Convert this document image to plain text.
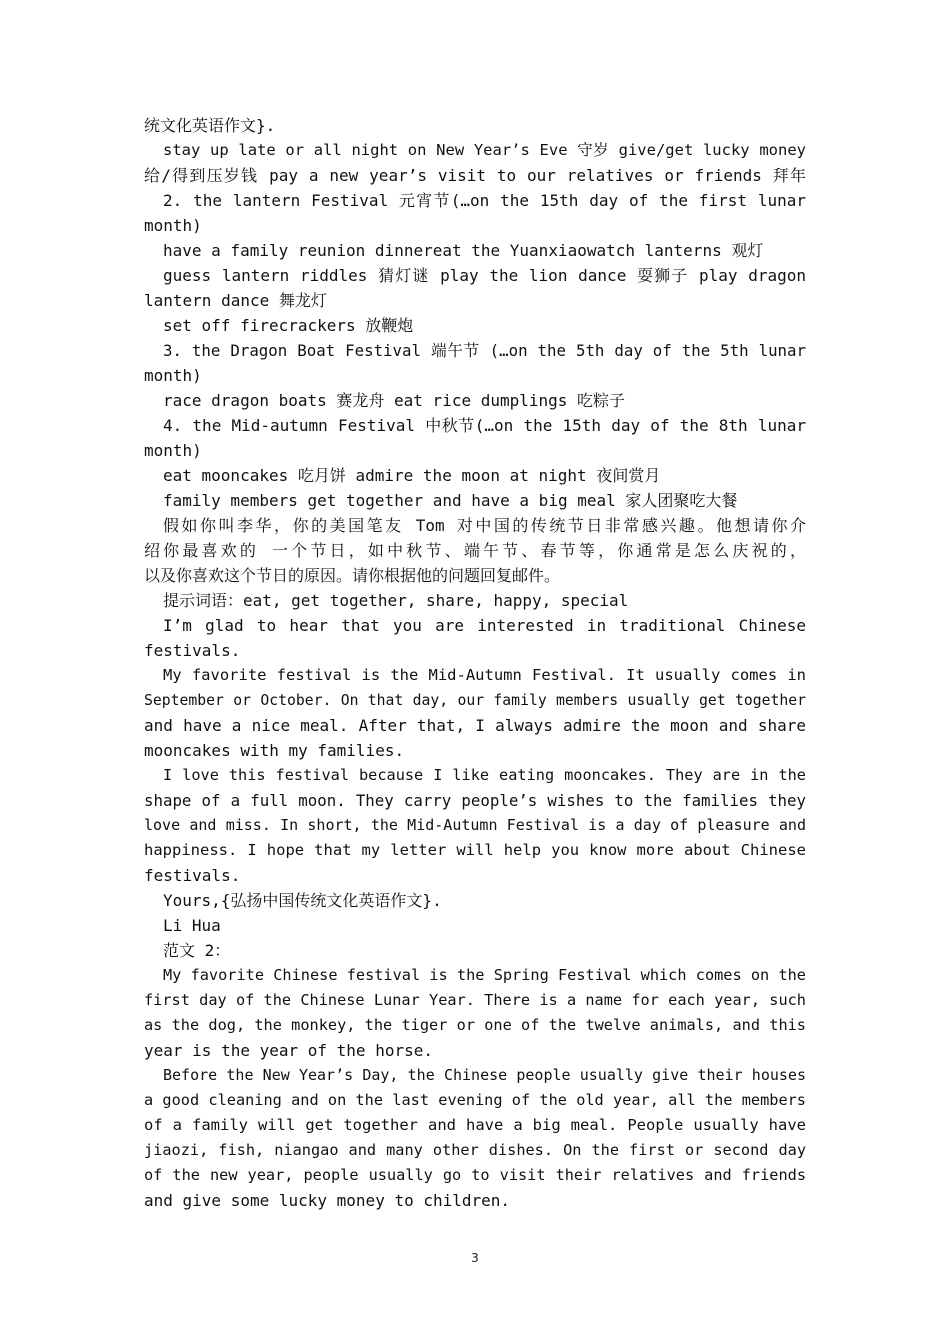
统文化英语作文}.
stay up late or all night on New Year’s Eve 守岁 give/get lucky money
给/得到压岁钱 pay a new year’s visit to our relatives or friends 拜年
2. the lantern Festival 元宵节(…on the 15th day of the first lunar
month)
have a family reunion dinnereat the Yuanxiaowatch lanterns 观灯
guess lantern riddles 猜灯谜 play the lion dance 耍狮子 play dragon
lantern dance 舞龙灯
set off firecrackers 放鞭炮
3. the Dragon Boat Festival 端午节 (…on the 5th day of the 5th lunar
month)
race dragon boats 赛龙舟 eat rice dumplings 吃粽子
4. the Mid-autumn Festival 中秋节(…on the 15th day of the 8th lunar
month)
eat mooncakes 吃月饼 admire the moon at night 夜间赏月
family members get together and have a big meal 家人团聚吃大餐
假如你叫李华，你的美国笔友 Tom 对中国的传统节日非常感兴趣。他想请你介
绍你最喜欢的 一个节日，如中秋节、端午节、春节等，你通常是怎么庆祝的，
以及你喜欢这个节日的原因。请你根据他的问题回复邮件。
提示词语：eat, get together, share, happy, special
I’m glad to hear that you are interested in traditional Chinese
festivals.
My favorite festival is the Mid-Autumn Festival. It usually comes in
September or October. On that day, our family members usually get together
and have a nice meal. After that, I always admire the moon and share
mooncakes with my families.
I love this festival because I like eating mooncakes. They are in the
shape of a full moon. They carry people’s wishes to the families they
love and miss. In short, the Mid-Autumn Festival is a day of pleasure and
happiness. I hope that my letter will help you know more about Chinese
festivals.
Yours,{弘扬中国传统文化英语作文}.
Li Hua
范文 2：
My favorite Chinese festival is the Spring Festival which comes on the
first day of the Chinese Lunar Year. There is a name for each year, such
as the dog, the monkey, the tiger or one of the twelve animals, and this
year is the year of the horse.
Before the New Year’s Day, the Chinese people usually give their houses
a good cleaning and on the last evening of the old year, all the members
of a family will get together and have a big meal. People usually have
jiaozi, fish, niangao and many other dishes. On the first or second day
of the new year, people usually go to visit their relatives and friends
and give some lucky money to children.
3
